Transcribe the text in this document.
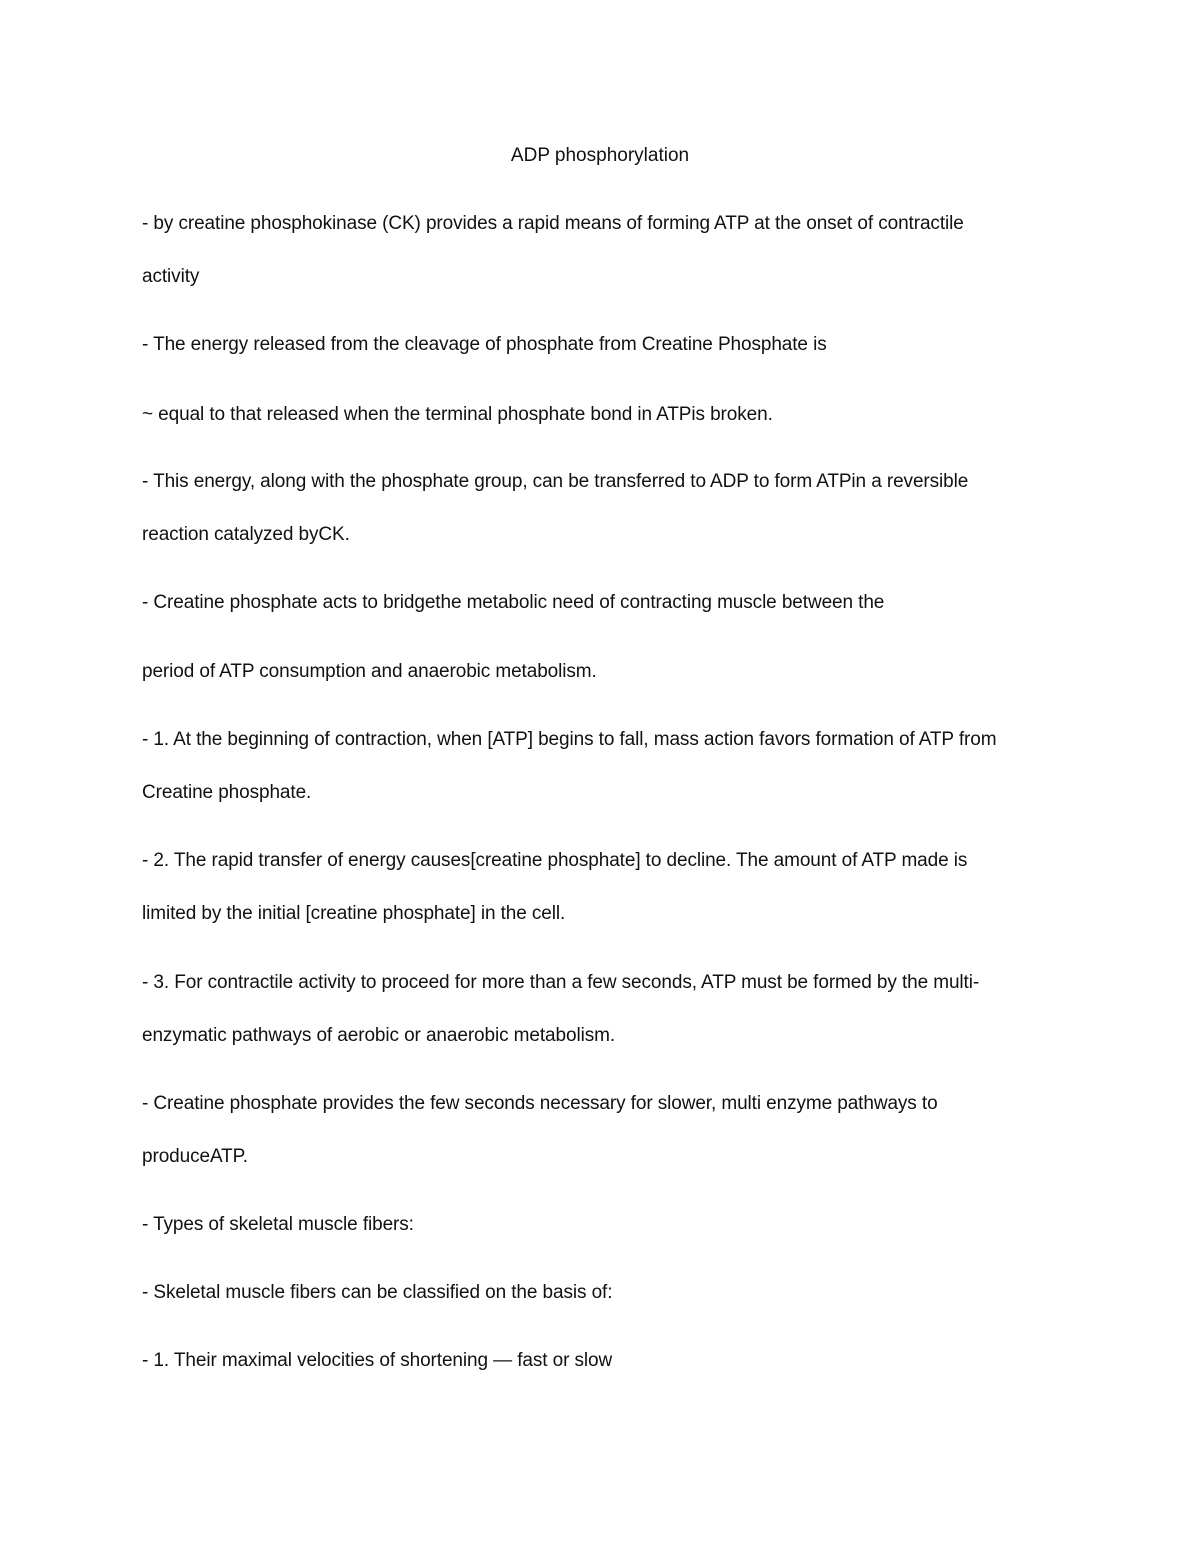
ADP phosphorylation
- by creatine phosphokinase (CK) provides a rapid means of forming ATP at the onset of contractile
activity
- The energy released from the cleavage of phosphate from Creatine Phosphate is
~ equal to that released when the terminal phosphate bond in ATPis broken.
- This energy, along with the phosphate group, can be transferred to ADP to form ATPin a reversible
reaction catalyzed byCK.
- Creatine phosphate acts to bridgethe metabolic need of contracting muscle between the
period of ATP consumption and anaerobic metabolism.
- 1. At the beginning of contraction, when [ATP] begins to fall, mass action favors formation of ATP from
Creatine phosphate.
- 2. The rapid transfer of energy causes[creatine phosphate] to decline. The amount of ATP made is
limited by the initial [creatine phosphate] in the cell.
- 3. For contractile activity to proceed for more than a few seconds, ATP must be formed by the multi-
enzymatic pathways of aerobic or anaerobic metabolism.
- Creatine phosphate provides the few seconds necessary for slower, multi enzyme pathways to
produceATP.
- Types of skeletal muscle fibers:
- Skeletal muscle fibers can be classified on the basis of:
- 1. Their maximal velocities of shortening — fast or slow
